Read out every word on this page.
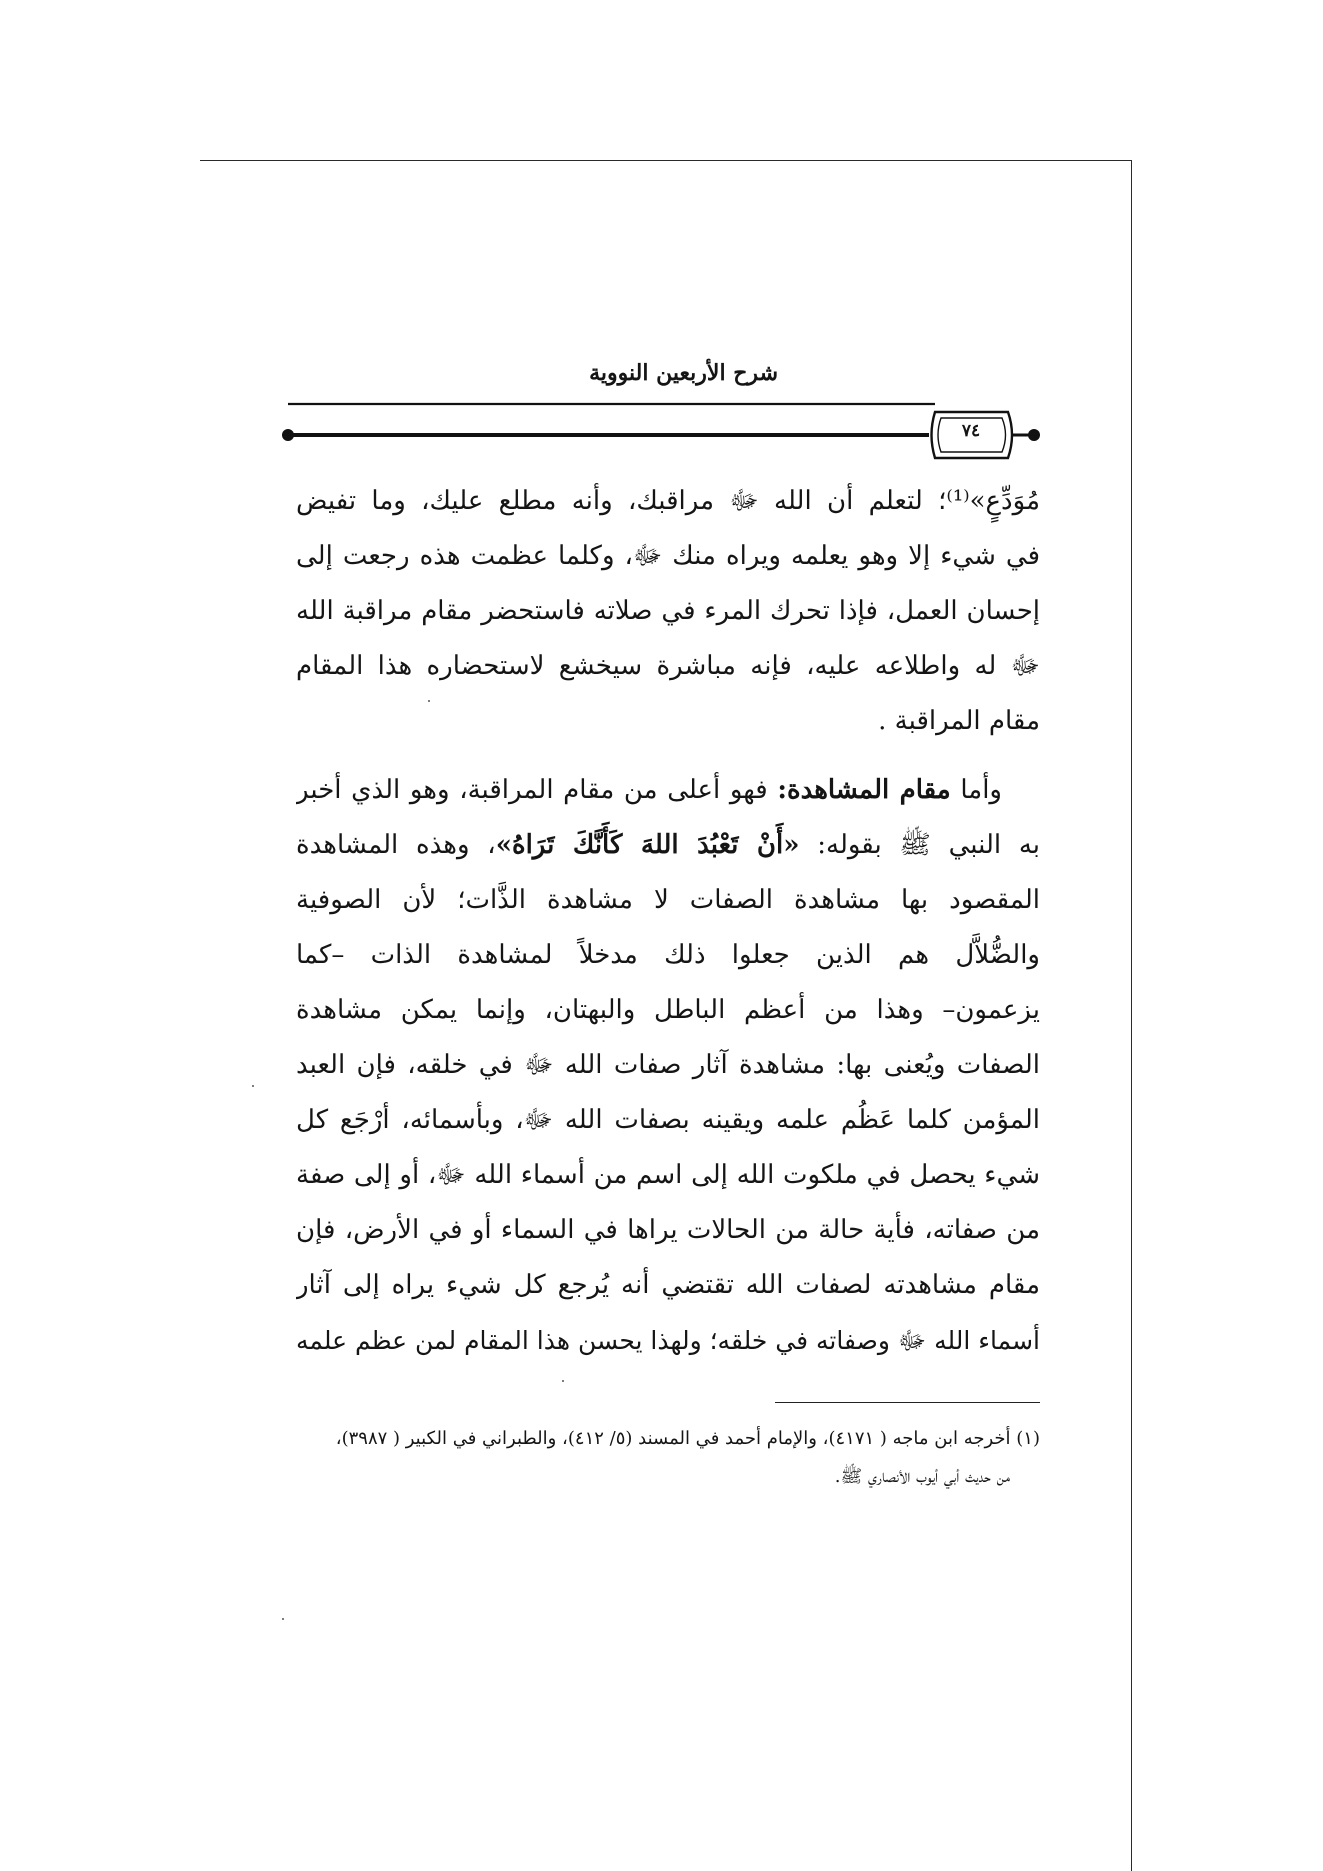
شرح الأربعين النووية
٧٤
مُوَدِّعٍ»⁽¹⁾؛ لتعلم أن الله ﷻ مراقبك، وأنه مطلع عليك، وما تفيض
في شيء إلا وهو يعلمه ويراه منك ﷻ، وكلما عظمت هذه رجعت إلى
إحسان العمل، فإذا تحرك المرء في صلاته فاستحضر مقام مراقبة الله
ﷻ له واطلاعه عليه، فإنه مباشرة سيخشع لاستحضاره هذا المقام
مقام المراقبة .
وأما مقام المشاهدة: فهو أعلى من مقام المراقبة، وهو الذي أخبر
به النبي ﷺ بقوله: «أَنْ تَعْبُدَ اللهَ كَأَنَّكَ تَرَاهُ»، وهذه المشاهدة
المقصود بها مشاهدة الصفات لا مشاهدة الذَّات؛ لأن الصوفية
والضُّلاَّل هم الذين جعلوا ذلك مدخلاً لمشاهدة الذات –كما
يزعمون– وهذا من أعظم الباطل والبهتان، وإنما يمكن مشاهدة
الصفات ويُعنى بها: مشاهدة آثار صفات الله ﷻ في خلقه، فإن العبد
المؤمن كلما عَظُم علمه ويقينه بصفات الله ﷻ، وبأسمائه، أرْجَع كل
شيء يحصل في ملكوت الله إلى اسم من أسماء الله ﷻ، أو إلى صفة
من صفاته، فأية حالة من الحالات يراها في السماء أو في الأرض، فإن
مقام مشاهدته لصفات الله تقتضي أنه يُرجع كل شيء يراه إلى آثار
أسماء الله ﷻ وصفاته في خلقه؛ ولهذا يحسن هذا المقام لمن عظم علمه
(١) أخرجه ابن ماجه ( ٤١٧١)، والإمام أحمد في المسند (٥/ ٤١٢)، والطبراني في الكبير ( ٣٩٨٧)،
من حديث أبي أيوب الأنصاري ﷺ.
